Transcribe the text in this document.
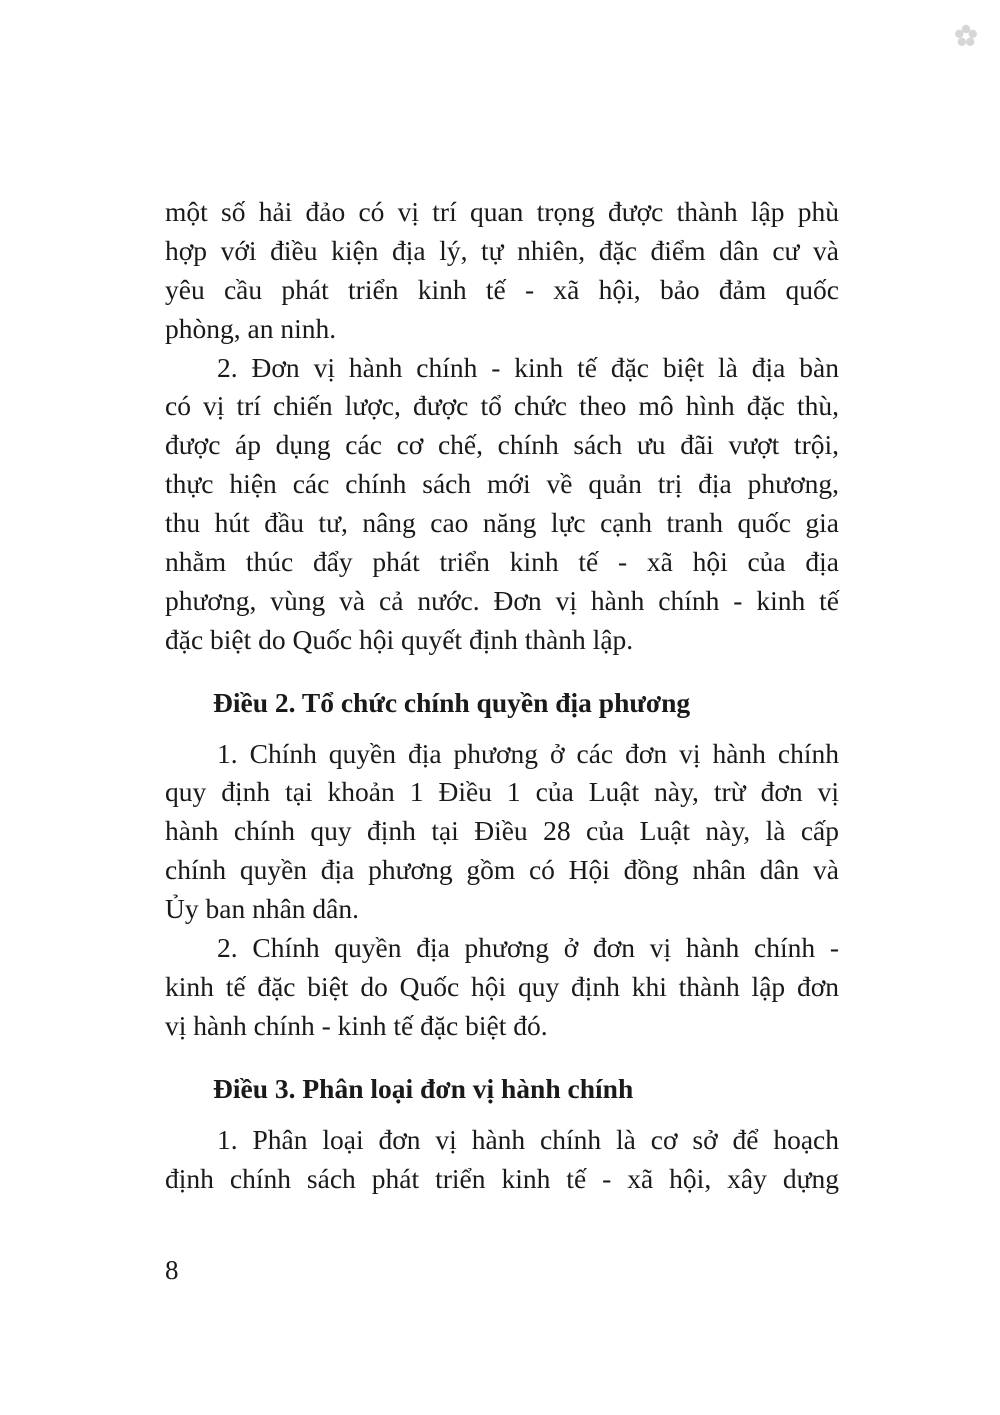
một số hải đảo có vị trí quan trọng được thành lập phù
hợp với điều kiện địa lý, tự nhiên, đặc điểm dân cư và
yêu cầu phát triển kinh tế - xã hội, bảo đảm quốc
phòng, an ninh.
2. Đơn vị hành chính - kinh tế đặc biệt là địa bàn
có vị trí chiến lược, được tổ chức theo mô hình đặc thù,
được áp dụng các cơ chế, chính sách ưu đãi vượt trội,
thực hiện các chính sách mới về quản trị địa phương,
thu hút đầu tư, nâng cao năng lực cạnh tranh quốc gia
nhằm thúc đẩy phát triển kinh tế - xã hội của địa
phương, vùng và cả nước. Đơn vị hành chính - kinh tế
đặc biệt do Quốc hội quyết định thành lập.
Điều 2. Tổ chức chính quyền địa phương
1. Chính quyền địa phương ở các đơn vị hành chính
quy định tại khoản 1 Điều 1 của Luật này, trừ đơn vị
hành chính quy định tại Điều 28 của Luật này, là cấp
chính quyền địa phương gồm có Hội đồng nhân dân và
Ủy ban nhân dân.
2. Chính quyền địa phương ở đơn vị hành chính -
kinh tế đặc biệt do Quốc hội quy định khi thành lập đơn
vị hành chính - kinh tế đặc biệt đó.
Điều 3. Phân loại đơn vị hành chính
1. Phân loại đơn vị hành chính là cơ sở để hoạch
định chính sách phát triển kinh tế - xã hội, xây dựng
8
